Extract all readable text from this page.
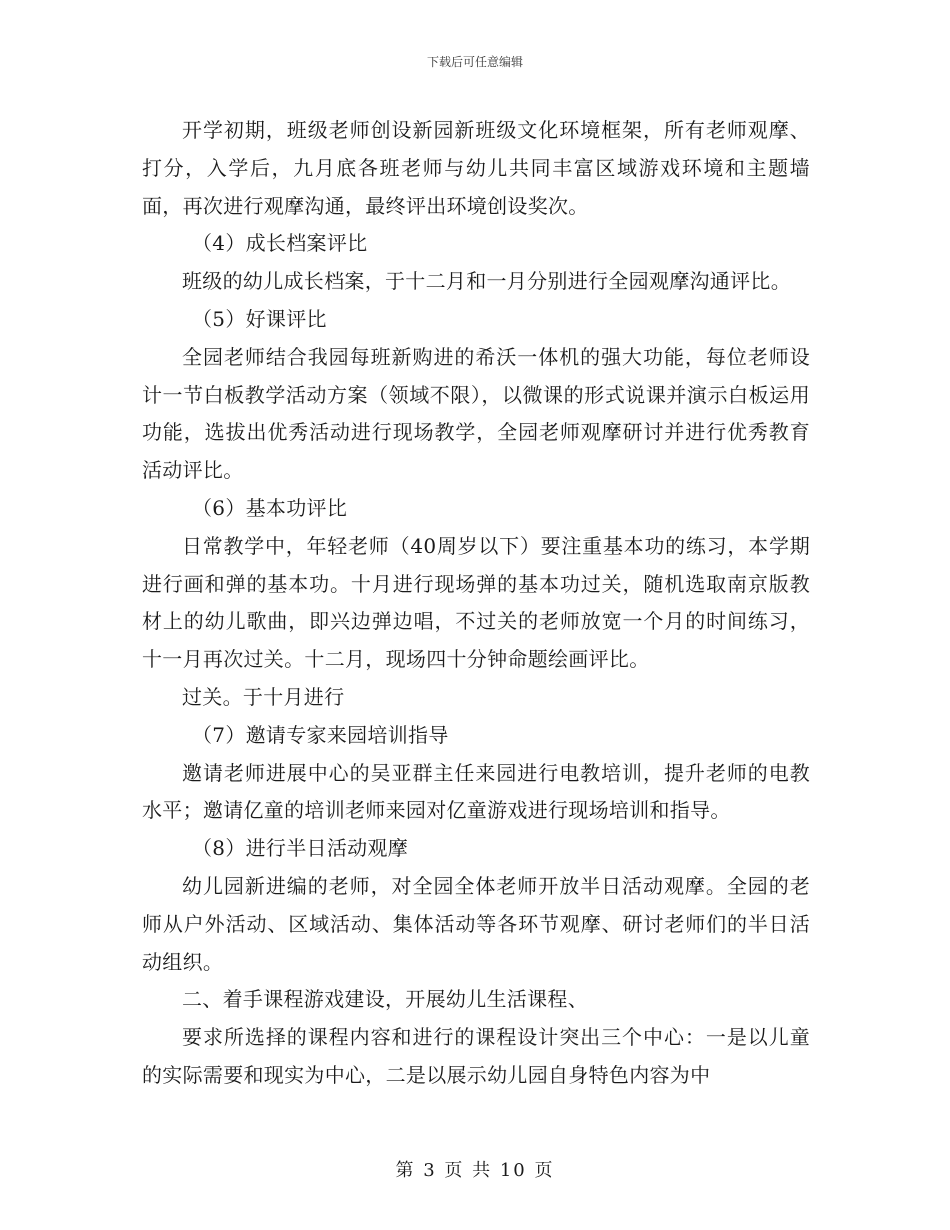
下载后可任意编辑

开学初期，班级老师创设新园新班级文化环境框架，所有老师观摩、打分，入学后，九月底各班老师与幼儿共同丰富区域游戏环境和主题墙面，再次进行观摩沟通，最终评出环境创设奖次。

（4）成长档案评比

班级的幼儿成长档案，于十二月和一月分别进行全园观摩沟通评比。

（5）好课评比

全园老师结合我园每班新购进的希沃一体机的强大功能，每位老师设计一节白板教学活动方案（领域不限），以微课的形式说课并演示白板运用功能，选拔出优秀活动进行现场教学，全园老师观摩研讨并进行优秀教育活动评比。

（6）基本功评比

日常教学中，年轻老师（40周岁以下）要注重基本功的练习，本学期进行画和弹的基本功。十月进行现场弹的基本功过关，随机选取南京版教材上的幼儿歌曲，即兴边弹边唱，不过关的老师放宽一个月的时间练习，十一月再次过关。十二月，现场四十分钟命题绘画评比。

过关。于十月进行

（7）邀请专家来园培训指导

邀请老师进展中心的吴亚群主任来园进行电教培训，提升老师的电教水平；邀请亿童的培训老师来园对亿童游戏进行现场培训和指导。

（8）进行半日活动观摩

幼儿园新进编的老师，对全园全体老师开放半日活动观摩。全园的老师从户外活动、区域活动、集体活动等各环节观摩、研讨老师们的半日活动组织。

二、着手课程游戏建设，开展幼儿生活课程、

要求所选择的课程内容和进行的课程设计突出三个中心：一是以儿童的实际需要和现实为中心，二是以展示幼儿园自身特色内容为中

第 3 页 共 10 页
